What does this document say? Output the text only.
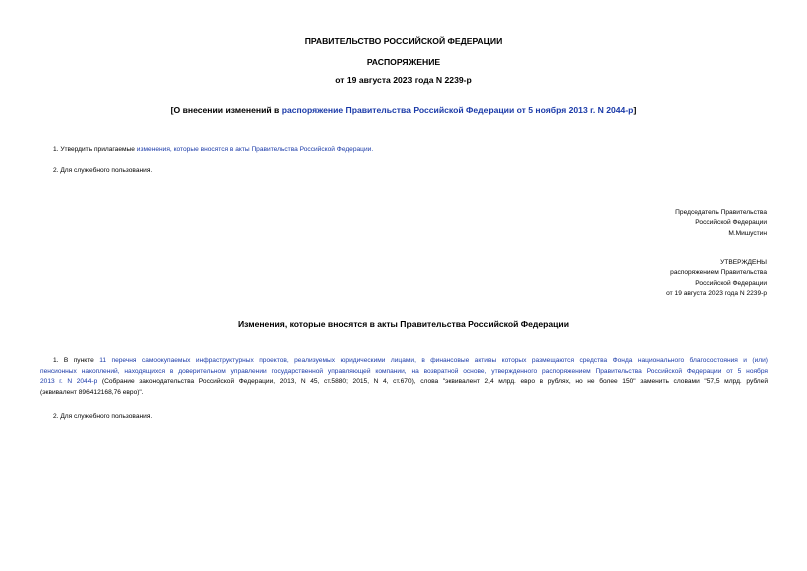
ПРАВИТЕЛЬСТВО РОССИЙСКОЙ ФЕДЕРАЦИИ
РАСПОРЯЖЕНИЕ
от 19 августа 2023 года N 2239-р
[О внесении изменений в распоряжение Правительства Российской Федерации от 5 ноября 2013 г. N 2044-р]
1. Утвердить прилагаемые изменения, которые вносятся в акты Правительства Российской Федерации.
2. Для служебного пользования.
Председатель Правительства
Российской Федерации
М.Мишустин
УТВЕРЖДЕНЫ
распоряжением Правительства
Российской Федерации
от 19 августа 2023 года N 2239-р
Изменения, которые вносятся в акты Правительства Российской Федерации
1. В пункте 11 перечня самоокупаемых инфраструктурных проектов, реализуемых юридическими лицами, в финансовые активы которых размещаются средства Фонда национального благосостояния и (или)
пенсионных накоплений, находящихся в доверительном управлении государственной управляющей компании, на возвратной основе, утвержденного распоряжением Правительства Российской Федерации от 5 ноября
2013 г. N 2044-р (Собрание законодательства Российской Федерации, 2013, N 45, ст.5880; 2015, N 4, ст.670), слова "эквивалент 2,4 млрд. евро в рублях, но не более 150" заменить словами "57,5 млрд. рублей
(эквивалент 896412168,76 евро)".
2. Для служебного пользования.
